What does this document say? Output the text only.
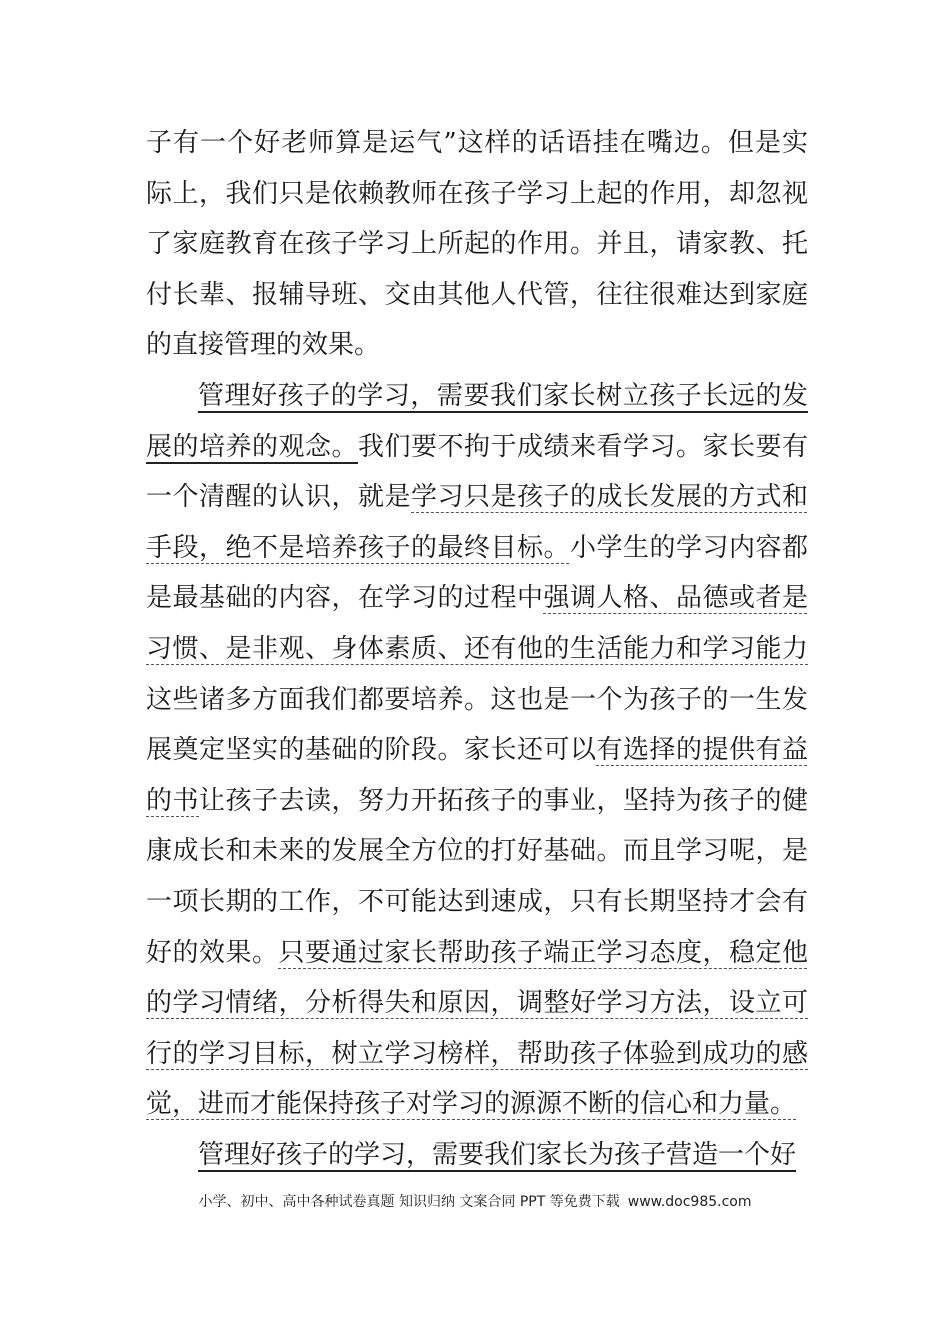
子有一个好老师算是运气”这样的话语挂在嘴边。但是实际上，我们只是依赖教师在孩子学习上起的作用，却忽视了家庭教育在孩子学习上所起的作用。并且，请家教、托付长辈、报辅导班、交由其他人代管，往往很难达到家庭的直接管理的效果。

管理好孩子的学习，需要我们家长树立孩子长远的发展的培养的观念。我们要不拘于成绩来看学习。家长要有一个清醒的认识，就是学习只是孩子的成长发展的方式和手段，绝不是培养孩子的最终目标。小学生的学习内容都是最基础的内容，在学习的过程中强调人格、品德或者是习惯、是非观、身体素质、还有他的生活能力和学习能力这些诸多方面我们都要培养。这也是一个为孩子的一生发展奠定坚实的基础的阶段。家长还可以有选择的提供有益的书让孩子去读，努力开拓孩子的事业，坚持为孩子的健康成长和未来的发展全方位的打好基础。而且学习呢，是一项长期的工作，不可能达到速成，只有长期坚持才会有好的效果。只要通过家长帮助孩子端正学习态度，稳定他的学习情绪，分析得失和原因，调整好学习方法，设立可行的学习目标，树立学习榜样，帮助孩子体验到成功的感觉，进而才能保持孩子对学习的源源不断的信心和力量。

管理好孩子的学习，需要我们家长为孩子营造一个好

小学、初中、高中各种试卷真题 知识归纳 文案合同 PPT 等免费下载 www.doc985.com
